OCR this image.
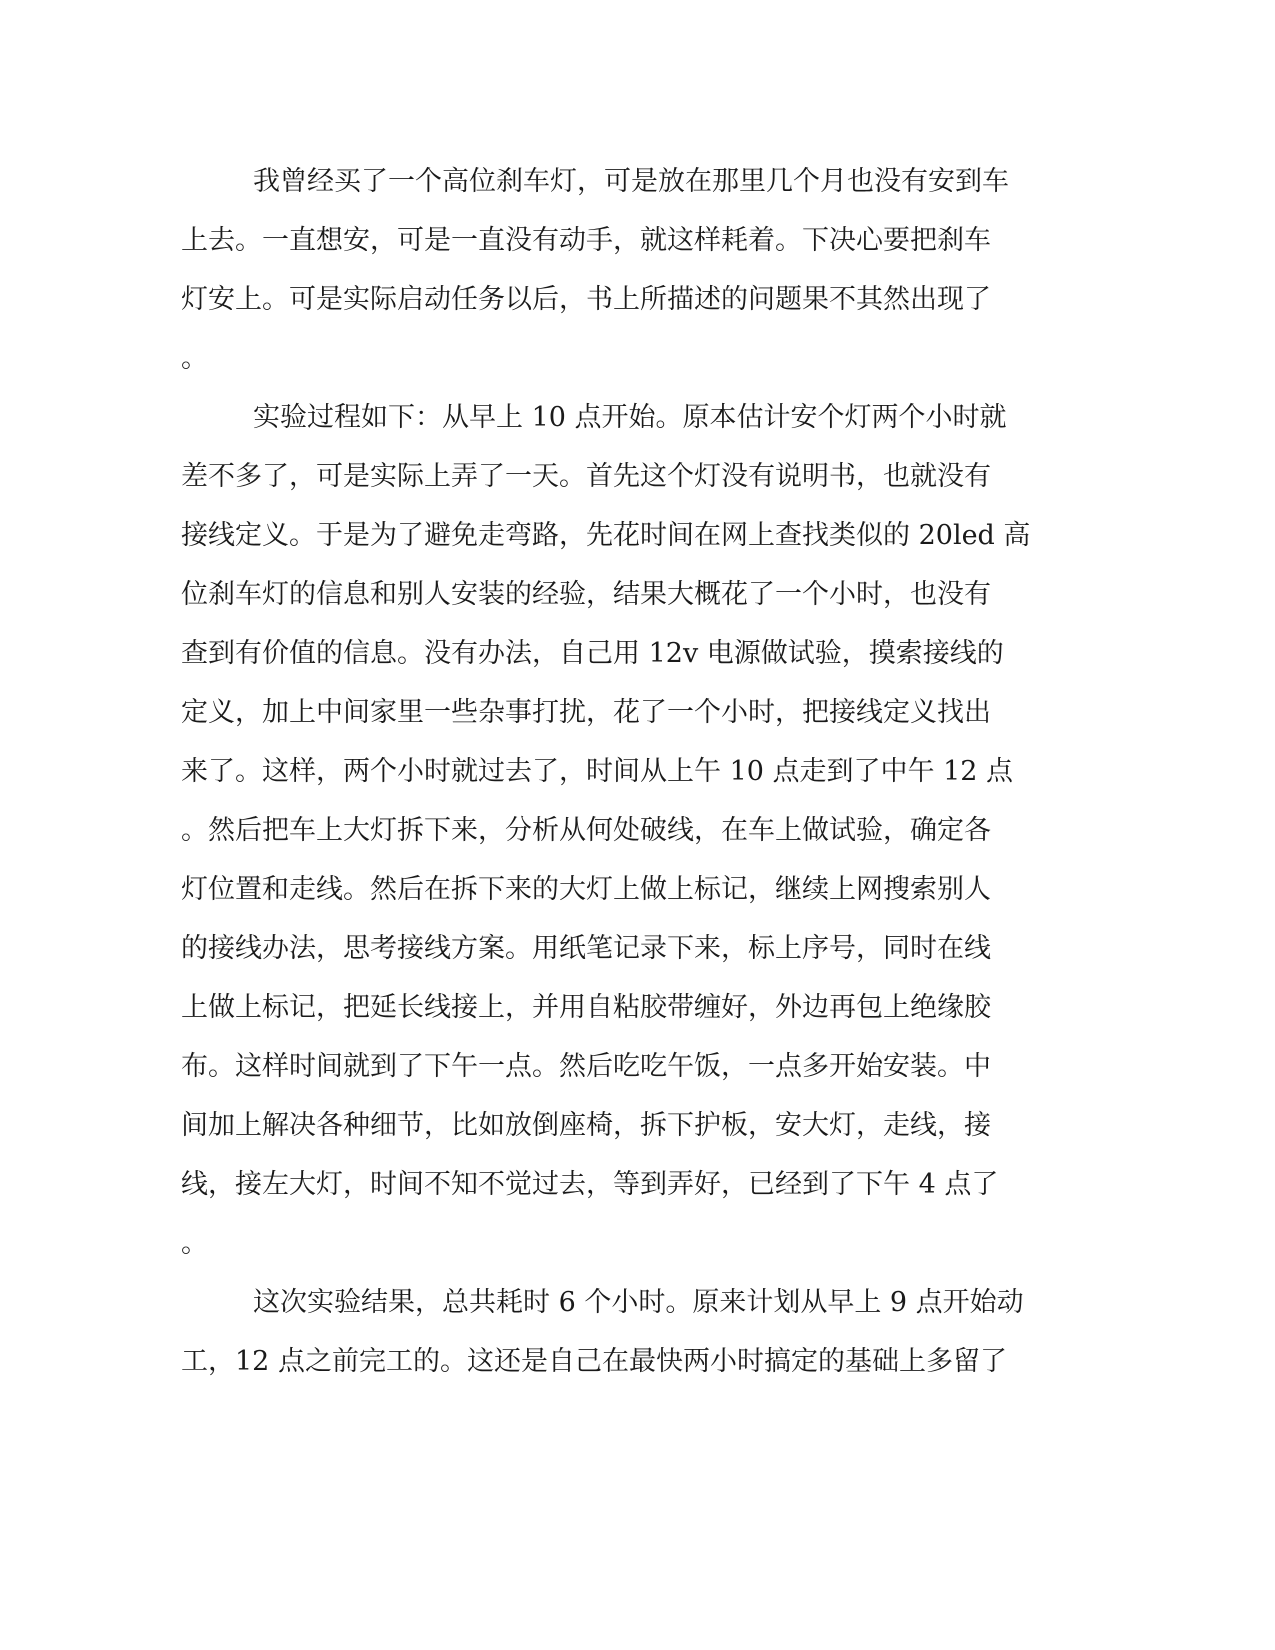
我曾经买了一个高位刹车灯，可是放在那里几个月也没有安到车
上去。一直想安，可是一直没有动手，就这样耗着。下决心要把刹车
灯安上。可是实际启动任务以后，书上所描述的问题果不其然出现了
。
实验过程如下：从早上 10 点开始。原本估计安个灯两个小时就
差不多了，可是实际上弄了一天。首先这个灯没有说明书，也就没有
接线定义。于是为了避免走弯路，先花时间在网上查找类似的 20led 高
位刹车灯的信息和别人安装的经验，结果大概花了一个小时，也没有
查到有价值的信息。没有办法，自己用 12v 电源做试验，摸索接线的
定义，加上中间家里一些杂事打扰，花了一个小时，把接线定义找出
来了。这样，两个小时就过去了，时间从上午 10 点走到了中午 12 点
。然后把车上大灯拆下来，分析从何处破线，在车上做试验，确定各
灯位置和走线。然后在拆下来的大灯上做上标记，继续上网搜索别人
的接线办法，思考接线方案。用纸笔记录下来，标上序号，同时在线
上做上标记，把延长线接上，并用自粘胶带缠好，外边再包上绝缘胶
布。这样时间就到了下午一点。然后吃吃午饭，一点多开始安装。中
间加上解决各种细节，比如放倒座椅，拆下护板，安大灯，走线，接
线，接左大灯，时间不知不觉过去，等到弄好，已经到了下午 4 点了
。
这次实验结果，总共耗时 6 个小时。原来计划从早上 9 点开始动
工，12 点之前完工的。这还是自己在最快两小时搞定的基础上多留了
